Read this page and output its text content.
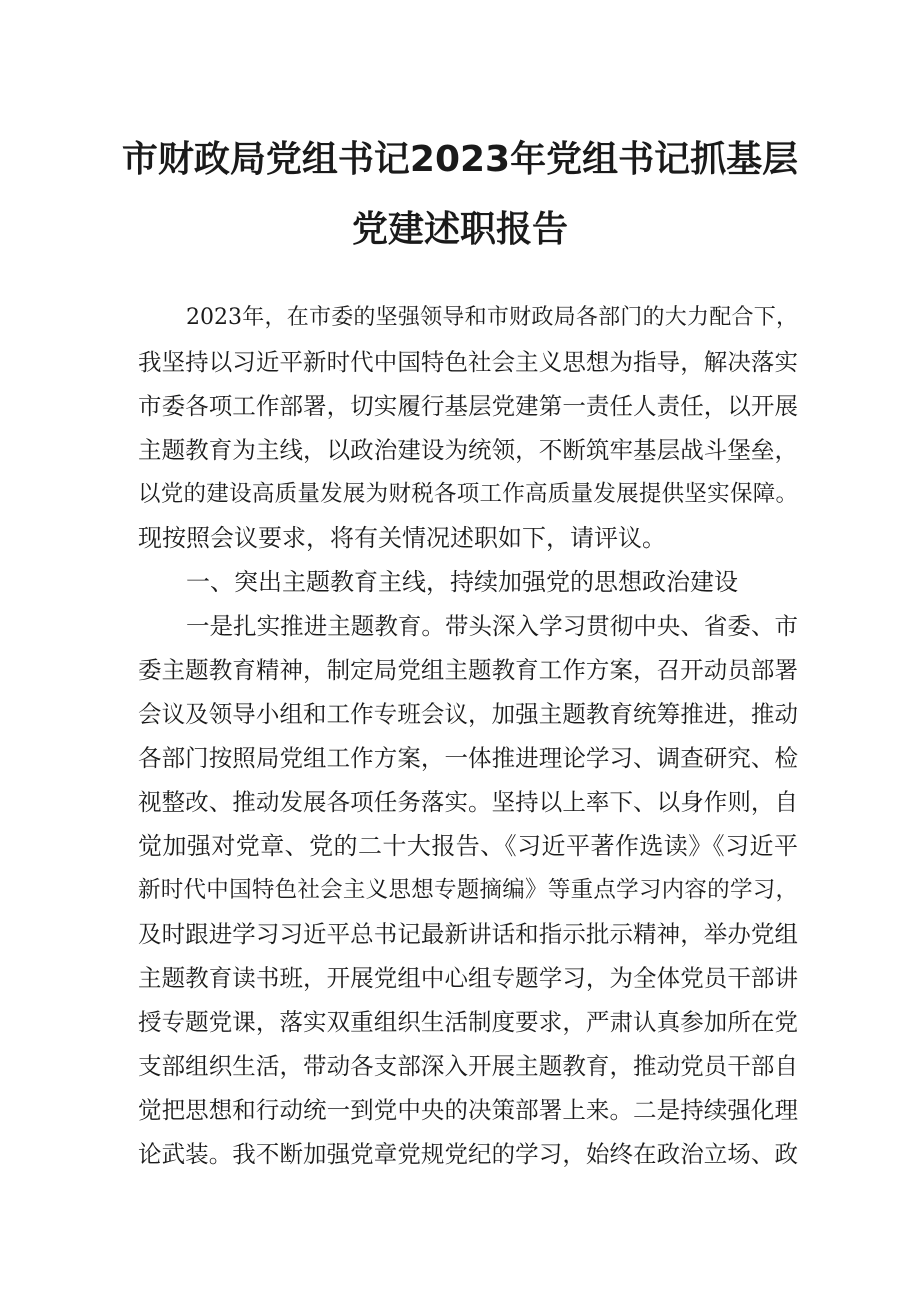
市财政局党组书记2023年党组书记抓基层
党建述职报告
2023年，在市委的坚强领导和市财政局各部门的大力配合下，
我坚持以习近平新时代中国特色社会主义思想为指导，解决落实
市委各项工作部署，切实履行基层党建第一责任人责任，以开展
主题教育为主线，以政治建设为统领，不断筑牢基层战斗堡垒，
以党的建设高质量发展为财税各项工作高质量发展提供坚实保障。
现按照会议要求，将有关情况述职如下，请评议。
一、突出主题教育主线，持续加强党的思想政治建设
一是扎实推进主题教育。带头深入学习贯彻中央、省委、市
委主题教育精神，制定局党组主题教育工作方案，召开动员部署
会议及领导小组和工作专班会议，加强主题教育统筹推进，推动
各部门按照局党组工作方案，一体推进理论学习、调查研究、检
视整改、推动发展各项任务落实。坚持以上率下、以身作则，自
觉加强对党章、党的二十大报告、《习近平著作选读》《习近平
新时代中国特色社会主义思想专题摘编》等重点学习内容的学习，
及时跟进学习习近平总书记最新讲话和指示批示精神，举办党组
主题教育读书班，开展党组中心组专题学习，为全体党员干部讲
授专题党课，落实双重组织生活制度要求，严肃认真参加所在党
支部组织生活，带动各支部深入开展主题教育，推动党员干部自
觉把思想和行动统一到党中央的决策部署上来。二是持续强化理
论武装。我不断加强党章党规党纪的学习，始终在政治立场、政
